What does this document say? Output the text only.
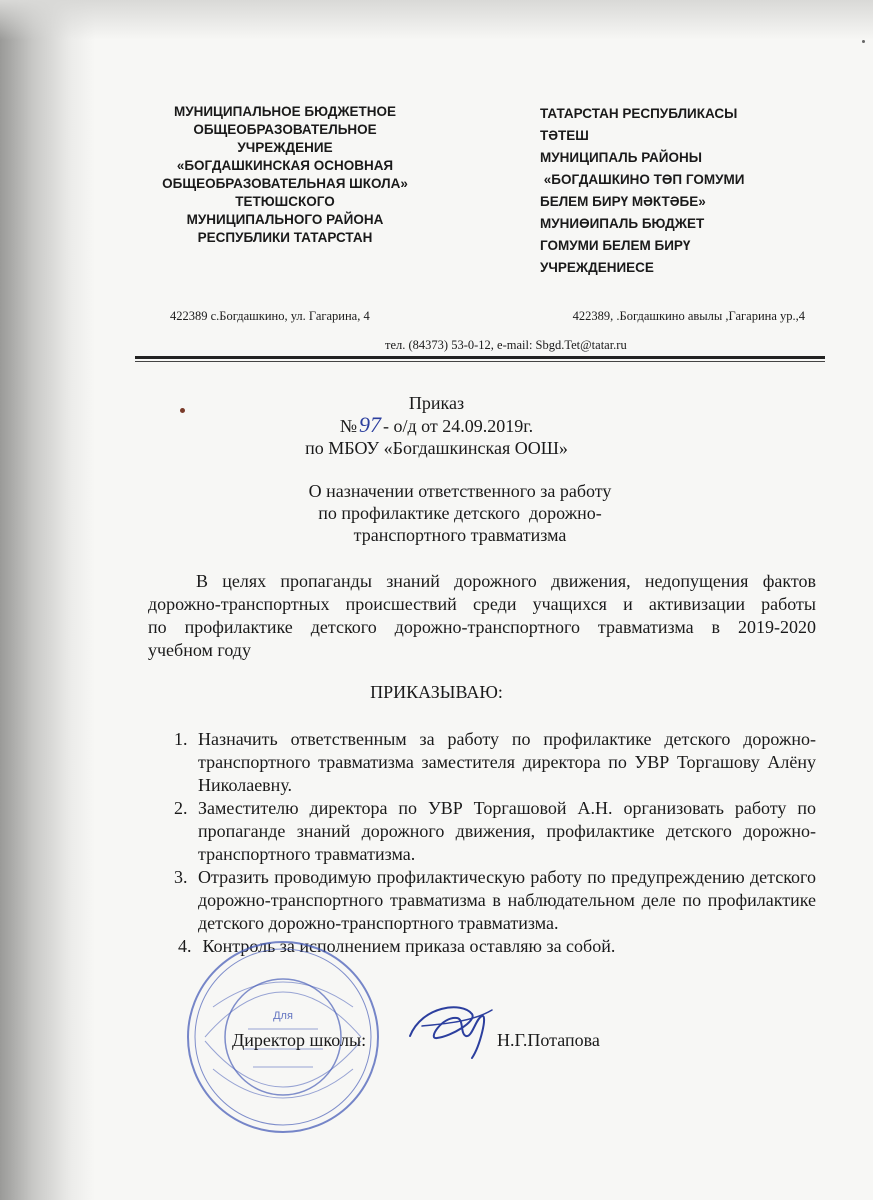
МУНИЦИПАЛЬНОЕ БЮДЖЕТНОЕ
ОБЩЕОБРАЗОВАТЕЛЬНОЕ
УЧРЕЖДЕНИЕ
«БОГДАШКИНСКАЯ ОСНОВНАЯ
ОБЩЕОБРАЗОВАТЕЛЬНАЯ ШКОЛА»
ТЕТЮШСКОГО
МУНИЦИПАЛЬНОГО РАЙОНА
РЕСПУБЛИКИ ТАТАРСТАН
ТАТАРСТАН РЕСПУБЛИКАСЫ
ТӘТЕШ
МУНИЦИПАЛЬ РАЙОНЫ
«БОГДАШКИНО ТӨП ГОМУМИ
БЕЛЕМ БИРҮ МӘКТӘБЕ»
МУНИӨИПАЛЬ БЮДЖЕТ
ГОМУМИ БЕЛЕМ БИРҮ
УЧРЕЖДЕНИЕСЕ
422389 с.Богдашкино, ул. Гагарина, 4	422389, .Богдашкино авылы ,Гагарина ур.,4
тел. (84373) 53-0-12, e-mail: Sbgd.Tet@tatar.ru
Приказ
№97 - о/д от 24.09.2019г.
по МБОУ «Богдашкинская ООШ»
О назначении ответственного за работу
по профилактике детского  дорожно-
транспортного травматизма
В целях пропаганды знаний дорожного движения, недопущения фактов
дорожно-транспортных происшествий среди учащихся и активизации работы
по профилактике детского дорожно-транспортного травматизма в 2019-2020
учебном году
ПРИКАЗЫВАЮ:
1. Назначить ответственным за работу по профилактике детского дорожно-транспортного травматизма заместителя директора по УВР Торгашову Алёну Николаевну.
2. Заместителю директора по УВР Торгашовой А.Н. организовать работу по пропаганде знаний дорожного движения, профилактике детского дорожно-транспортного травматизма.
3. Отразить проводимую профилактическую работу по предупреждению детского дорожно-транспортного травматизма в наблюдательном деле по профилактике детского дорожно-транспортного травматизма.
4. Контроль за исполнением приказа оставляю за собой.
Для
Директор школы:	Н.Г.Потапова
